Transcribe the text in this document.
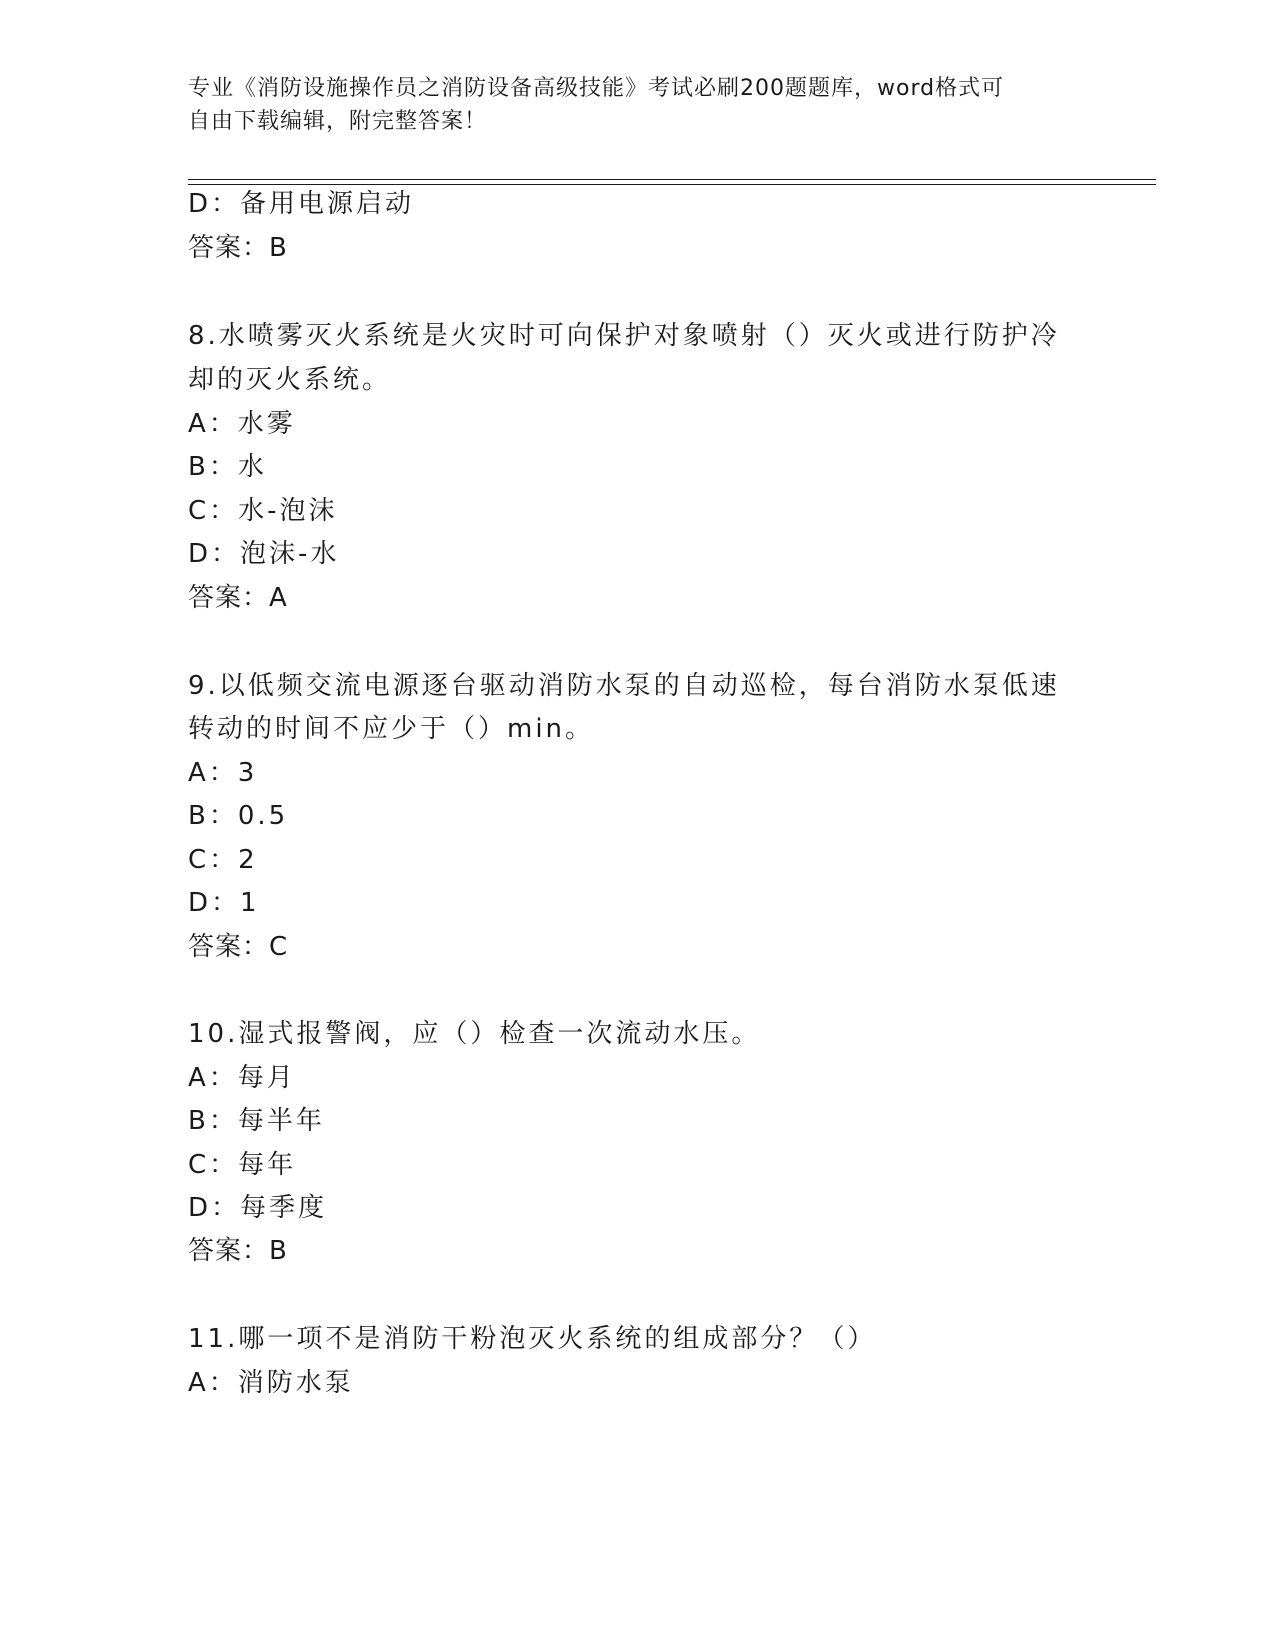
专业《消防设施操作员之消防设备高级技能》考试必刷200题题库，word格式可
自由下载编辑，附完整答案！
D：备用电源启动
答案：B
8.水喷雾灭火系统是火灾时可向保护对象喷射（）灭火或进行防护冷
却的灭火系统。
A：水雾
B：水
C：水-泡沫
D：泡沫-水
答案：A
9.以低频交流电源逐台驱动消防水泵的自动巡检，每台消防水泵低速
转动的时间不应少于（）min。
A：3
B：0.5
C：2
D：1
答案：C
10.湿式报警阀，应（）检查一次流动水压。
A：每月
B：每半年
C：每年
D：每季度
答案：B
11.哪一项不是消防干粉泡灭火系统的组成部分？（）
A：消防水泵
